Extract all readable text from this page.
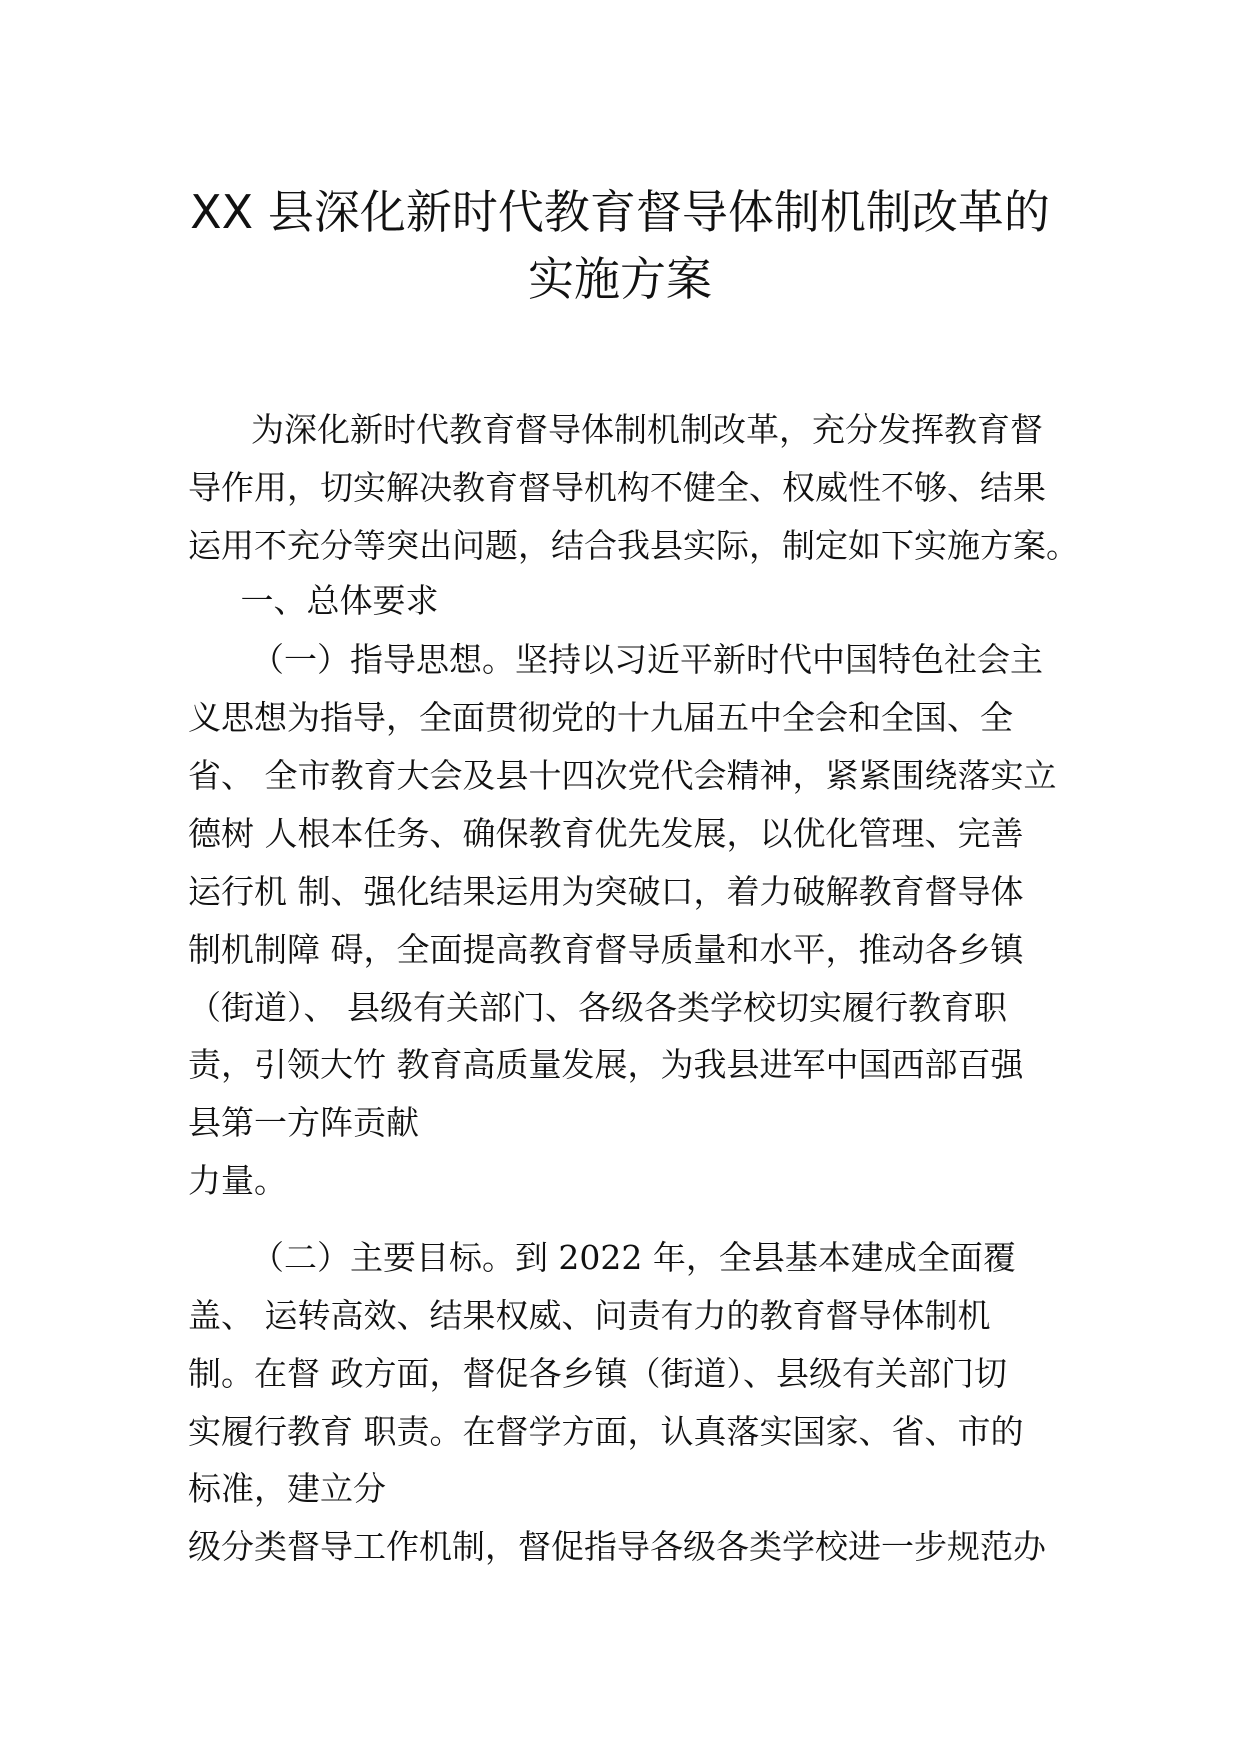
XX 县深化新时代教育督导体制机制改革的
实施方案

为深化新时代教育督导体制机制改革，充分发挥教育督

导作用，切实解决教育督导机构不健全、权威性不够、结果

运用不充分等突出问题，结合我县实际，制定如下实施方案。

一、总体要求

（一）指导思想。坚持以习近平新时代中国特色社会主

义思想为指导，全面贯彻党的十九届五中全会和全国、全

省、 全市教育大会及县十四次党代会精神，紧紧围绕落实立

德树 人根本任务、确保教育优先发展，以优化管理、完善

运行机 制、强化结果运用为突破口，着力破解教育督导体

制机制障 碍，全面提高教育督导质量和水平，推动各乡镇

（街道）、 县级有关部门、各级各类学校切实履行教育职

责，引领大竹 教育高质量发展，为我县进军中国西部百强

县第一方阵贡献

力量。

（二）主要目标。到 2022 年，全县基本建成全面覆

盖、 运转高效、结果权威、问责有力的教育督导体制机

制。在督 政方面，督促各乡镇（街道）、县级有关部门切

实履行教育 职责。在督学方面，认真落实国家、省、市的

标准，建立分

级分类督导工作机制，督促指导各级各类学校进一步规范办
